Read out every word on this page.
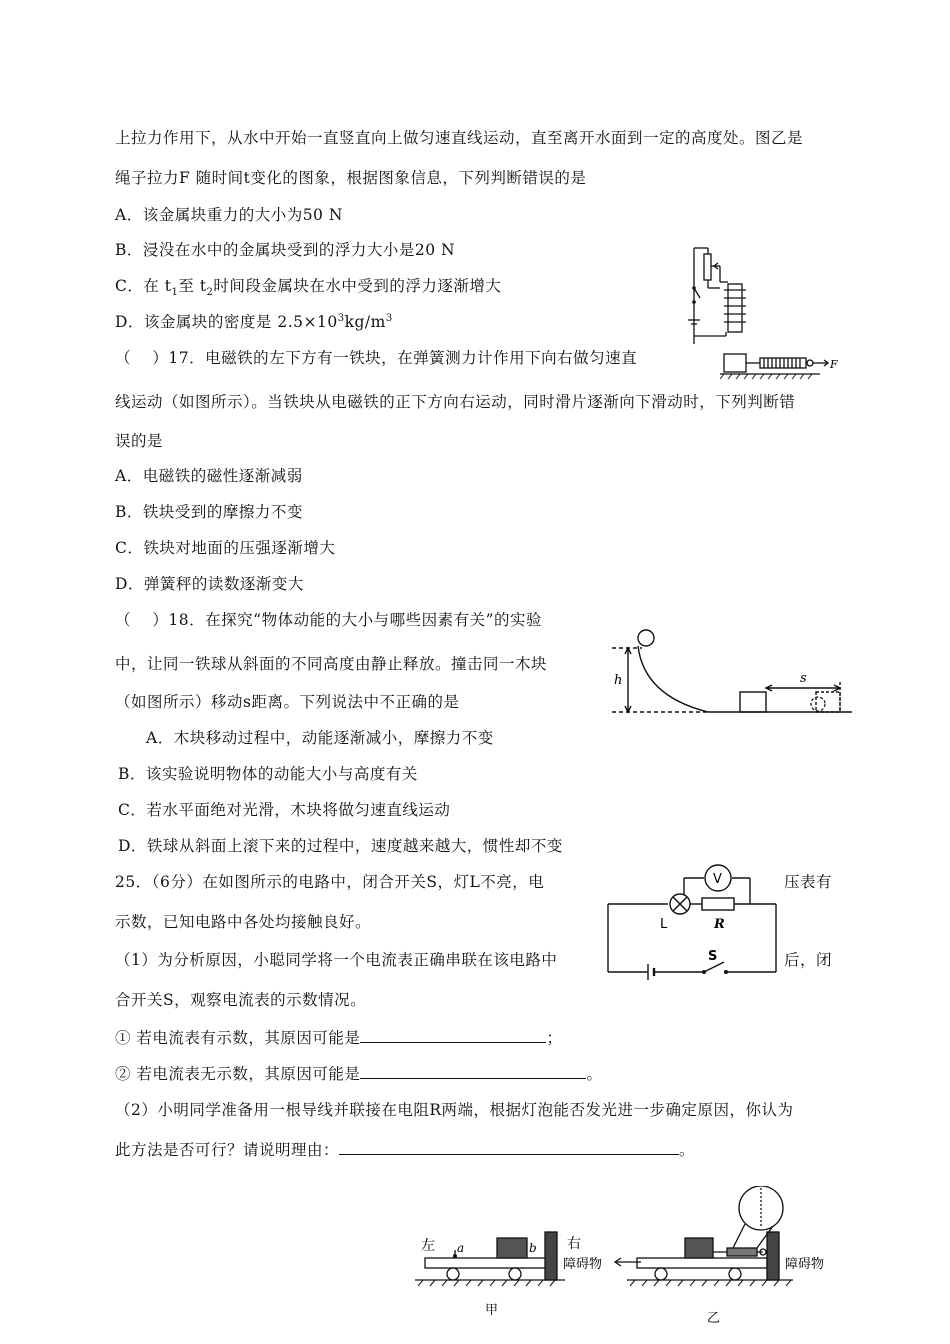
上拉力作用下，从水中开始一直竖直向上做匀速直线运动，直至离开水面到一定的高度处。图乙是
绳子拉力F 随时间t变化的图象，根据图象信息，下列判断错误的是
A．该金属块重力的大小为50 N
B．浸没在水中的金属块受到的浮力大小是20 N
C．在 $t_1$至 $t_2$时间段金属块在水中受到的浮力逐渐增大
D．该金属块的密度是 $2.5\times 10^3kg/m^3$
（　 ）17．电磁铁的左下方有一铁块，在弹簧测力计作用下向右做匀速直
线运动（如图所示）。当铁块从电磁铁的正下方向右运动，同时滑片逐渐向下滑动时，下列判断错
误的是
A．电磁铁的磁性逐渐减弱
B．铁块受到的摩擦力不变
C．铁块对地面的压强逐渐增大
D．弹簧秤的读数逐渐变大
F
（　 ）18．在探究“物体动能的大小与哪些因素有关”的实验
中，让同一铁球从斜面的不同高度由静止释放。撞击同一木块
（如图所示）移动s距离。下列说法中不正确的是
A．木块移动过程中，动能逐渐减小，摩擦力不变
B．该实验说明物体的动能大小与高度有关
C．若水平面绝对光滑，木块将做匀速直线运动
D．铁球从斜面上滚下来的过程中，速度越来越大，惯性却不变
h	s
25．（6分）在如图所示的电路中，闭合开关S，灯L不亮，电	压表有
示数，已知电路中各处均接触良好。
（1）为分析原因，小聪同学将一个电流表正确串联在该电路中	后，闭
合开关S，观察电流表的示数情况。
① 若电流表有示数，其原因可能是	；
② 若电流表无示数，其原因可能是	。
（2）小明同学准备用一根导线并联接在电阻R两端，根据灯泡能否发光进一步确定原因，你认为
此方法是否可行？请说明理由：	。
V
L	R
S
左 a	b 右
障碍物
甲
障碍物
乙
